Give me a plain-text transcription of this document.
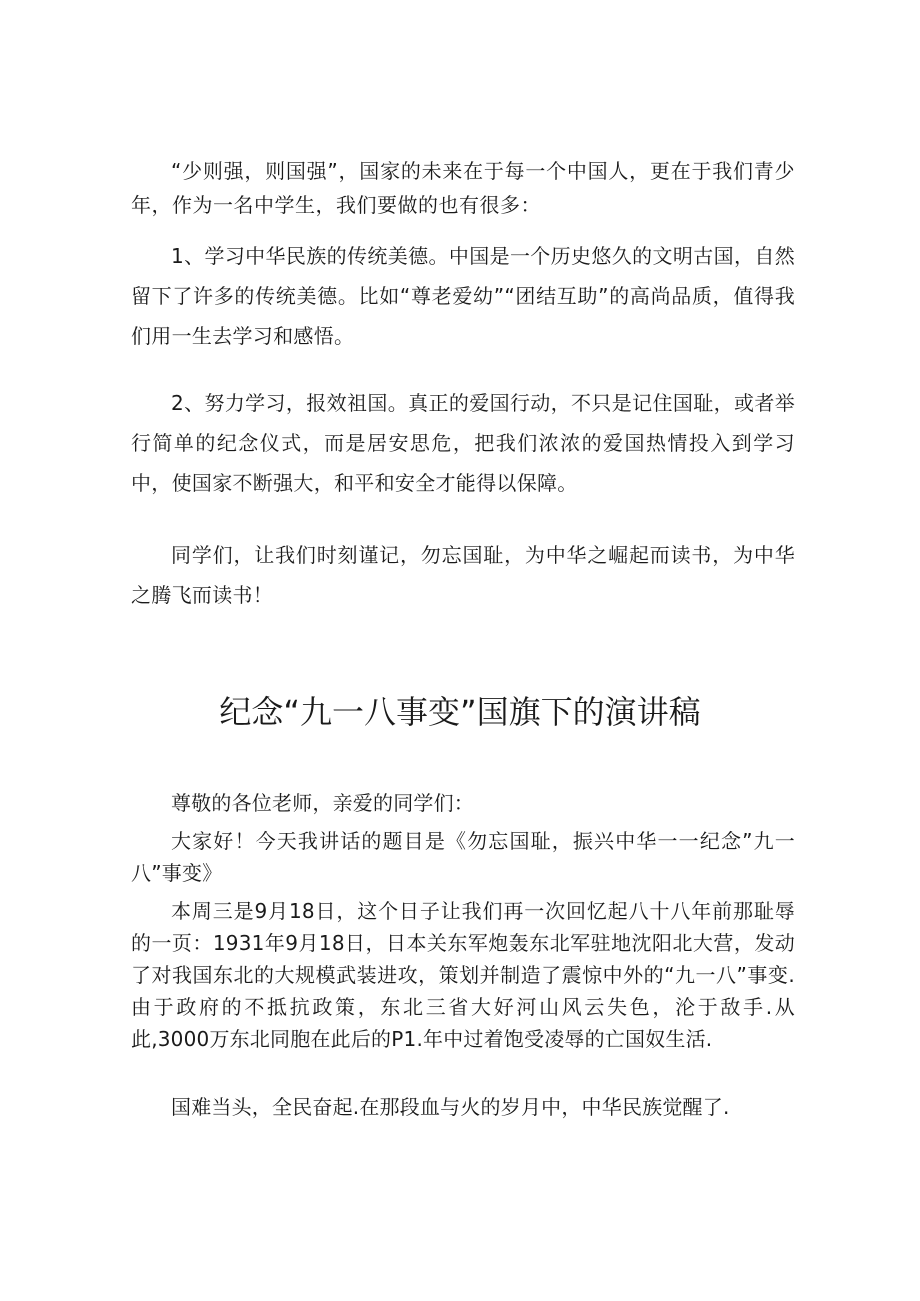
“少则强，则国强”，国家的未来在于每一个中国人，更在于我们青少年，作为一名中学生，我们要做的也有很多：

1、学习中华民族的传统美德。中国是一个历史悠久的文明古国，自然留下了许多的传统美德。比如“尊老爱幼”“团结互助”的高尚品质，值得我们用一生去学习和感悟。

2、努力学习，报效祖国。真正的爱国行动，不只是记住国耻，或者举行简单的纪念仪式，而是居安思危，把我们浓浓的爱国热情投入到学习中，使国家不断强大，和平和安全才能得以保障。

同学们，让我们时刻谨记，勿忘国耻，为中华之崛起而读书，为中华之腾飞而读书！

纪念“九一八事变”国旗下的演讲稿

尊敬的各位老师，亲爱的同学们：

大家好！今天我讲话的题目是《勿忘国耻，振兴中华一一纪念”九一八”事变》

本周三是9月18日，这个日子让我们再一次回忆起八十八年前那耻辱的一页：1931年9月18日，日本关东军炮轰东北军驻地沈阳北大营，发动了对我国东北的大规模武装进攻，策划并制造了震惊中外的“九一八”事变.由于政府的不抵抗政策，东北三省大好河山风云失色，沦于敌手.从此,3000万东北同胞在此后的P1.年中过着饱受凌辱的亡国奴生活.

国难当头，全民奋起.在那段血与火的岁月中，中华民族觉醒了.
